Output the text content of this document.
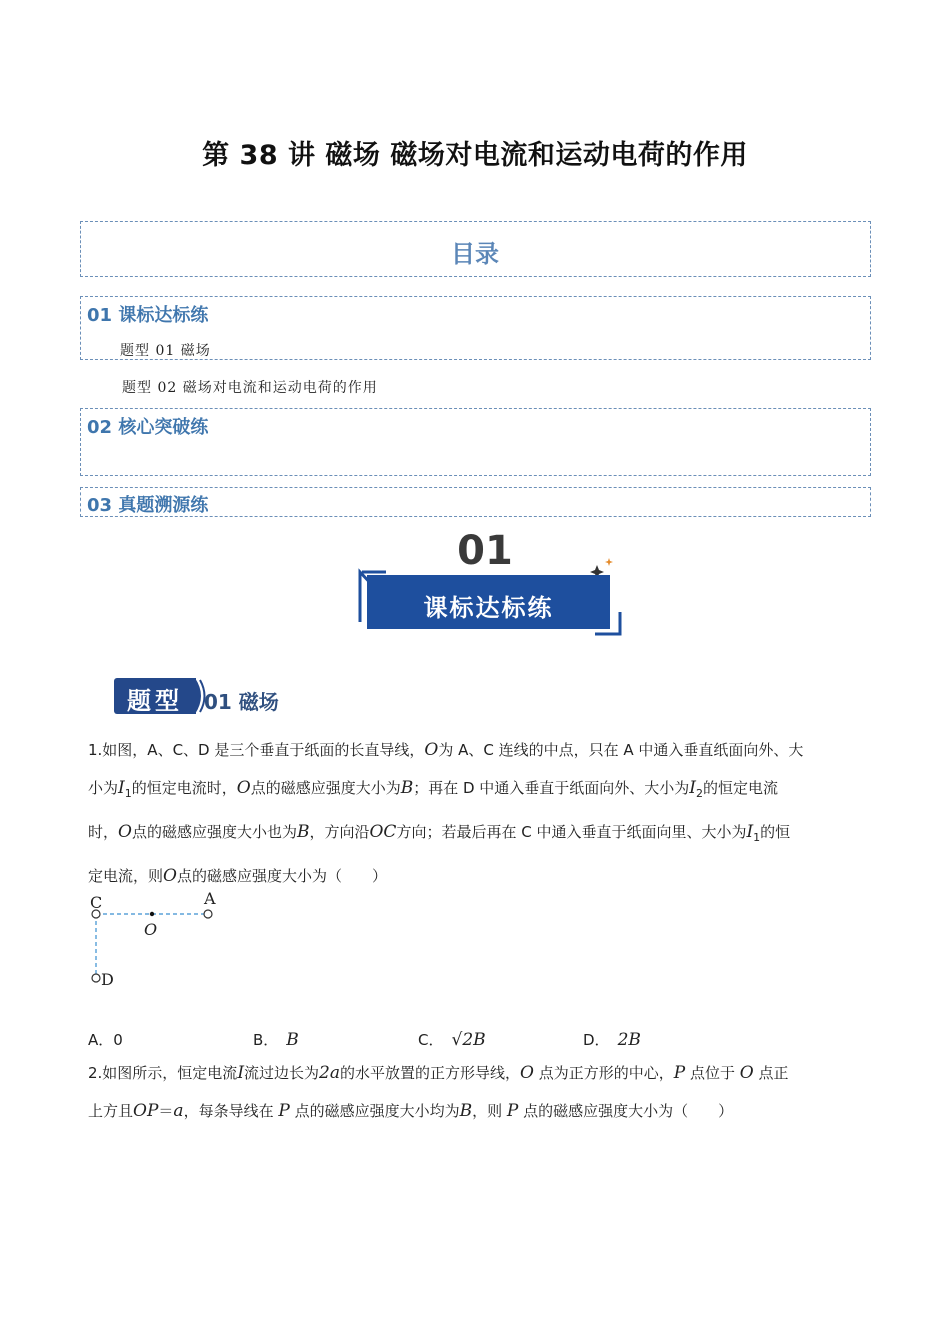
第 38 讲 磁场 磁场对电流和运动电荷的作用
目录
01 课标达标练
题型 01 磁场
题型 02 磁场对电流和运动电荷的作用
02 核心突破练
03 真题溯源练
01
课标达标练
题型	01 磁场
1.如图，A、C、D 是三个垂直于纸面的长直导线，O为 A、C 连线的中点，只在 A 中通入垂直纸面向外、大
小为$I_1$的恒定电流时，O点的磁感应强度大小为B；再在 D 中通入垂直于纸面向外、大小为$I_2$的恒定电流
时，O点的磁感应强度大小也为B，方向沿OC方向；若最后再在 C 中通入垂直于纸面向里、大小为$I_1$的恒
定电流，则O点的磁感应强度大小为（　　）
C	A
O
D
A．0	B． B	C． √2B	D． 2B
2.如图所示，恒定电流I流过边长为2a的水平放置的正方形导线，O 点为正方形的中心，P 点位于 O 点正
上方且OP＝a，每条导线在 P 点的磁感应强度大小均为B，则 P 点的磁感应强度大小为（　　）
